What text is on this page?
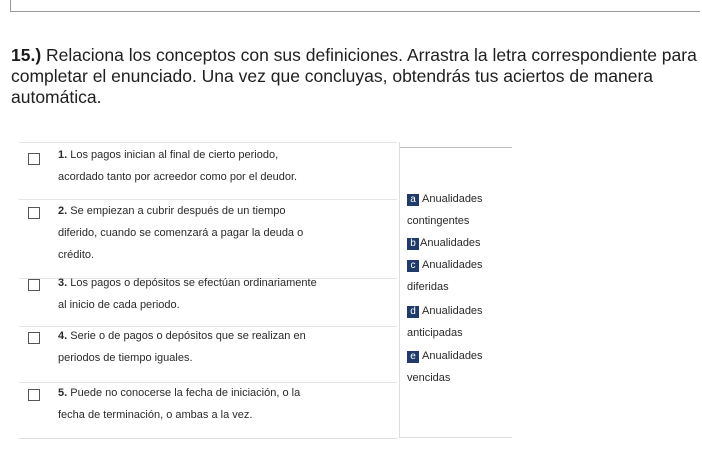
15.) Relaciona los conceptos con sus definiciones. Arrastra la letra correspondiente para completar el enunciado. Una vez que concluyas, obtendrás tus aciertos de manera automática.
1. Los pagos inician al final de cierto periodo,
acordado tanto por acreedor como por el deudor.
2. Se empiezan a cubrir después de un tiempo
diferido, cuando se comenzará a pagar la deuda o
crédito.
3. Los pagos o depósitos se efectúan ordinariamente
al inicio de cada periodo.
4. Serie o de pagos o depósitos que se realizan en
periodos de tiempo iguales.
5. Puede no conocerse la fecha de iniciación, o la
fecha de terminación, o ambas a la vez.
a Anualidades
contingentes
b Anualidades
c Anualidades
diferidas
d Anualidades
anticipadas
e Anualidades
vencidas
